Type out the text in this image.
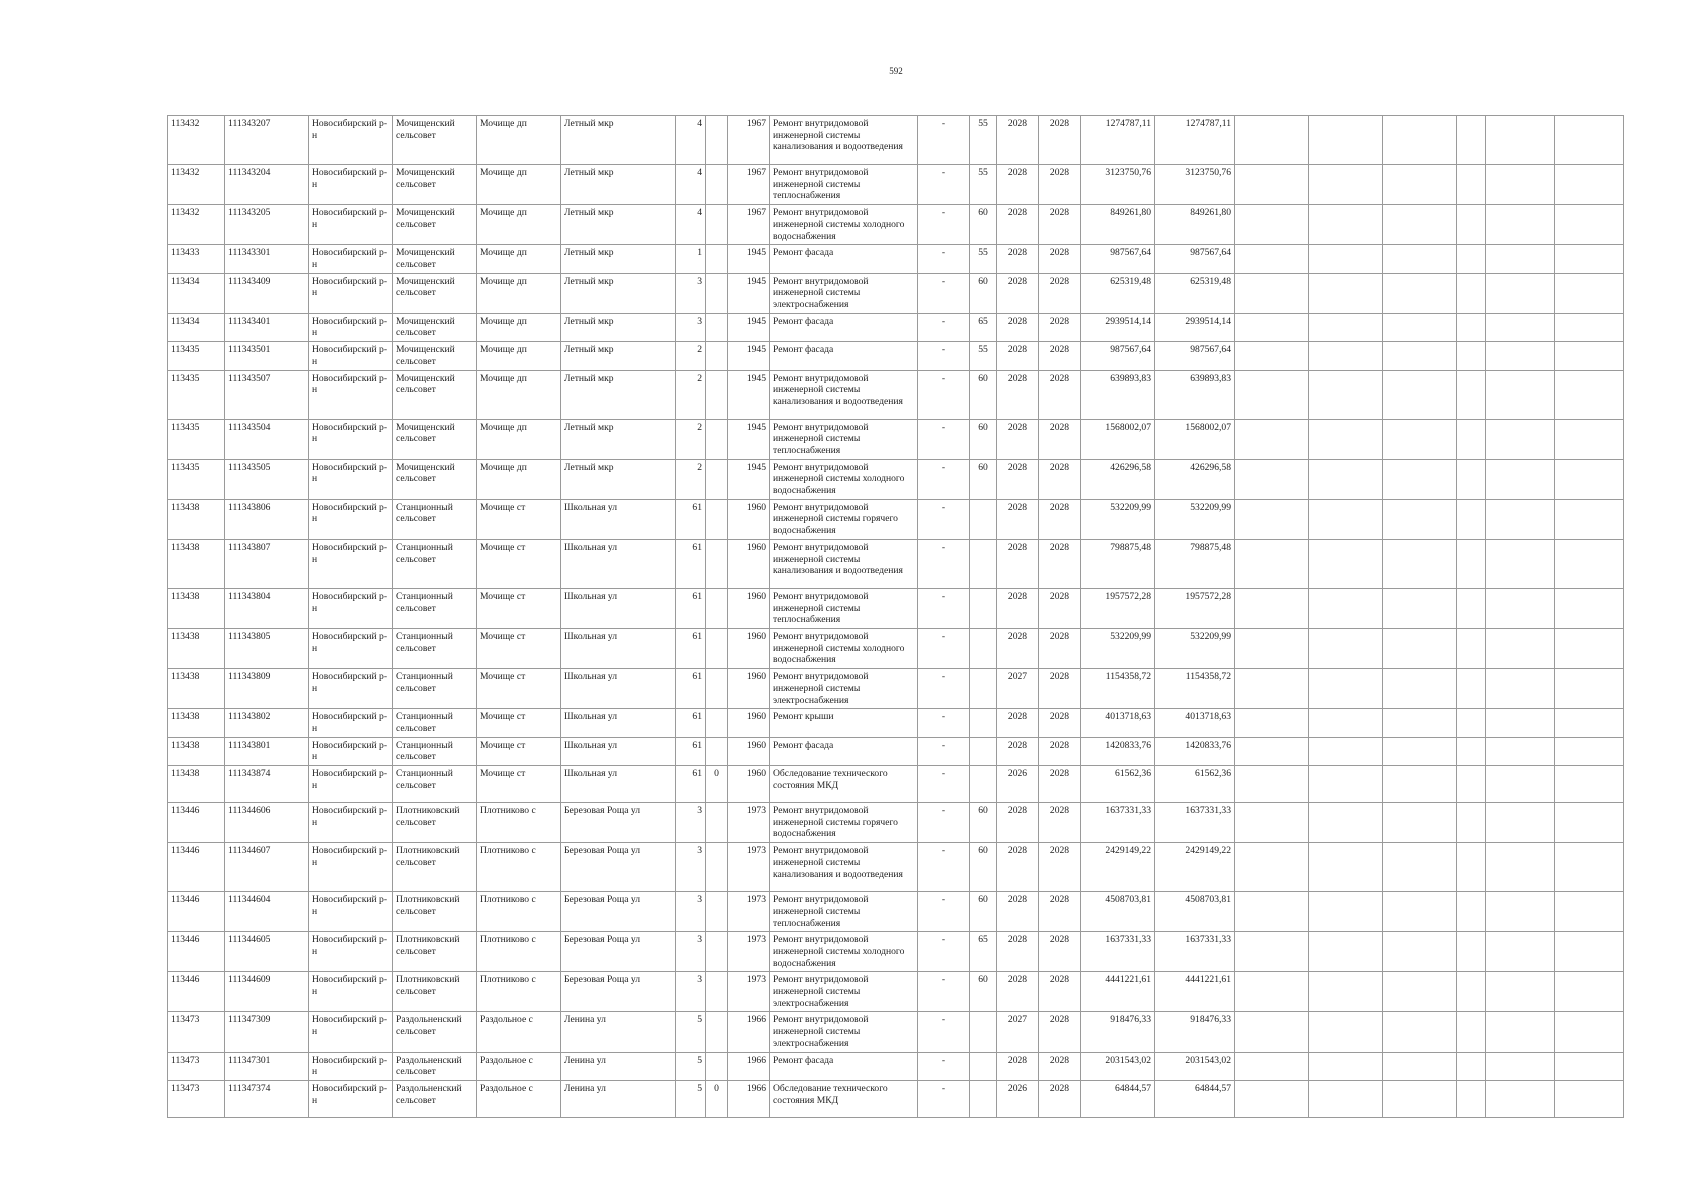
592
113432	111343207	Новосибирский р-н	Мочищенский сельсовет	Мочище дп	Летный мкр	4		1967	Ремонт внутридомовой инженерной системы канализования и водоотведения	-	55	2028	2028	1274787,11	1274787,11						
113432	111343204	Новосибирский р-н	Мочищенский сельсовет	Мочище дп	Летный мкр	4		1967	Ремонт внутридомовой инженерной системы теплоснабжения	-	55	2028	2028	3123750,76	3123750,76						
113432	111343205	Новосибирский р-н	Мочищенский сельсовет	Мочище дп	Летный мкр	4		1967	Ремонт внутридомовой инженерной системы холодного водоснабжения	-	60	2028	2028	849261,80	849261,80						
113433	111343301	Новосибирский р-н	Мочищенский сельсовет	Мочище дп	Летный мкр	1		1945	Ремонт фасада	-	55	2028	2028	987567,64	987567,64						
113434	111343409	Новосибирский р-н	Мочищенский сельсовет	Мочище дп	Летный мкр	3		1945	Ремонт внутридомовой инженерной системы электроснабжения	-	60	2028	2028	625319,48	625319,48						
113434	111343401	Новосибирский р-н	Мочищенский сельсовет	Мочище дп	Летный мкр	3		1945	Ремонт фасада	-	65	2028	2028	2939514,14	2939514,14						
113435	111343501	Новосибирский р-н	Мочищенский сельсовет	Мочище дп	Летный мкр	2		1945	Ремонт фасада	-	55	2028	2028	987567,64	987567,64						
113435	111343507	Новосибирский р-н	Мочищенский сельсовет	Мочище дп	Летный мкр	2		1945	Ремонт внутридомовой инженерной системы канализования и водоотведения	-	60	2028	2028	639893,83	639893,83						
113435	111343504	Новосибирский р-н	Мочищенский сельсовет	Мочище дп	Летный мкр	2		1945	Ремонт внутридомовой инженерной системы теплоснабжения	-	60	2028	2028	1568002,07	1568002,07						
113435	111343505	Новосибирский р-н	Мочищенский сельсовет	Мочище дп	Летный мкр	2		1945	Ремонт внутридомовой инженерной системы холодного водоснабжения	-	60	2028	2028	426296,58	426296,58						
113438	111343806	Новосибирский р-н	Станционный сельсовет	Мочище ст	Школьная ул	61		1960	Ремонт внутридомовой инженерной системы горячего водоснабжения	-		2028	2028	532209,99	532209,99						
113438	111343807	Новосибирский р-н	Станционный сельсовет	Мочище ст	Школьная ул	61		1960	Ремонт внутридомовой инженерной системы канализования и водоотведения	-		2028	2028	798875,48	798875,48						
113438	111343804	Новосибирский р-н	Станционный сельсовет	Мочище ст	Школьная ул	61		1960	Ремонт внутридомовой инженерной системы теплоснабжения	-		2028	2028	1957572,28	1957572,28						
113438	111343805	Новосибирский р-н	Станционный сельсовет	Мочище ст	Школьная ул	61		1960	Ремонт внутридомовой инженерной системы холодного водоснабжения	-		2028	2028	532209,99	532209,99						
113438	111343809	Новосибирский р-н	Станционный сельсовет	Мочище ст	Школьная ул	61		1960	Ремонт внутридомовой инженерной системы электроснабжения	-		2027	2028	1154358,72	1154358,72						
113438	111343802	Новосибирский р-н	Станционный сельсовет	Мочище ст	Школьная ул	61		1960	Ремонт крыши	-		2028	2028	4013718,63	4013718,63						
113438	111343801	Новосибирский р-н	Станционный сельсовет	Мочище ст	Школьная ул	61		1960	Ремонт фасада	-		2028	2028	1420833,76	1420833,76						
113438	111343874	Новосибирский р-н	Станционный сельсовет	Мочище ст	Школьная ул	61	0	1960	Обследование технического состояния МКД	-		2026	2028	61562,36	61562,36						
113446	111344606	Новосибирский р-н	Плотниковский сельсовет	Плотниково с	Березовая Роща ул	3		1973	Ремонт внутридомовой инженерной системы горячего водоснабжения	-	60	2028	2028	1637331,33	1637331,33						
113446	111344607	Новосибирский р-н	Плотниковский сельсовет	Плотниково с	Березовая Роща ул	3		1973	Ремонт внутридомовой инженерной системы канализования и водоотведения	-	60	2028	2028	2429149,22	2429149,22						
113446	111344604	Новосибирский р-н	Плотниковский сельсовет	Плотниково с	Березовая Роща ул	3		1973	Ремонт внутридомовой инженерной системы теплоснабжения	-	60	2028	2028	4508703,81	4508703,81						
113446	111344605	Новосибирский р-н	Плотниковский сельсовет	Плотниково с	Березовая Роща ул	3		1973	Ремонт внутридомовой инженерной системы холодного водоснабжения	-	65	2028	2028	1637331,33	1637331,33						
113446	111344609	Новосибирский р-н	Плотниковский сельсовет	Плотниково с	Березовая Роща ул	3		1973	Ремонт внутридомовой инженерной системы электроснабжения	-	60	2028	2028	4441221,61	4441221,61						
113473	111347309	Новосибирский р-н	Раздольненский сельсовет	Раздольное с	Ленина ул	5		1966	Ремонт внутридомовой инженерной системы электроснабжения	-		2027	2028	918476,33	918476,33						
113473	111347301	Новосибирский р-н	Раздольненский сельсовет	Раздольное с	Ленина ул	5		1966	Ремонт фасада	-		2028	2028	2031543,02	2031543,02						
113473	111347374	Новосибирский р-н	Раздольненский сельсовет	Раздольное с	Ленина ул	5	0	1966	Обследование технического состояния МКД	-		2026	2028	64844,57	64844,57						
